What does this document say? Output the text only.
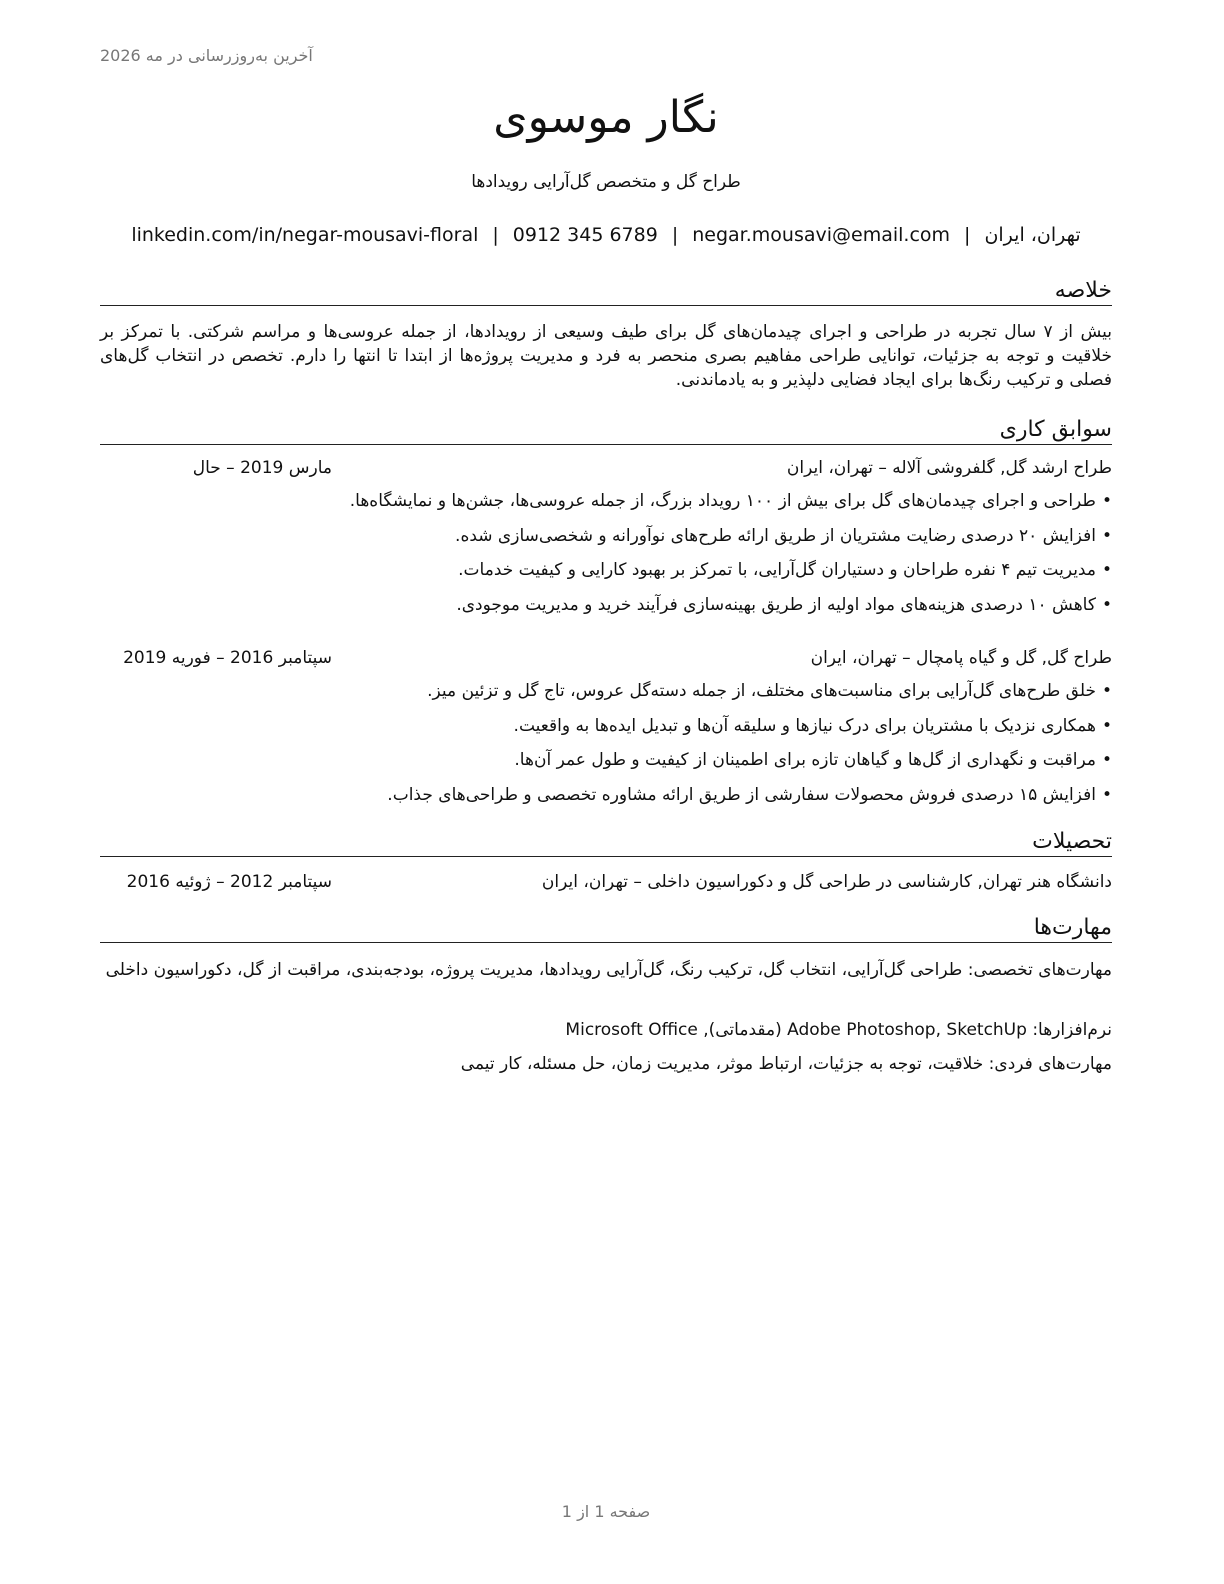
آخرین به‌روزرسانی در مه 2026
نگار موسوی
طراح گل و متخصص گل‌آرایی رویدادها
تهران، ایران|negar.mousavi@email.com|0912 345 6789|linkedin.com/in/negar-mousavi-floral
خلاصه
بیش از ۷ سال تجربه در طراحی و اجرای چیدمان‌های گل برای طیف وسیعی از رویدادها، از جمله عروسی‌ها و مراسم شرکتی. با تمرکز بر خلاقیت و توجه به جزئیات، توانایی طراحی مفاهیم بصری منحصر به فرد و مدیریت پروژه‌ها از ابتدا تا انتها را دارم. تخصص در انتخاب گل‌های فصلی و ترکیب رنگ‌ها برای ایجاد فضایی دلپذیر و به یادماندنی.
سوابق کاری
طراح ارشد گل, گلفروشی آلاله – تهران، ایران
مارس 2019 – حال
•طراحی و اجرای چیدمان‌های گل برای بیش از ۱۰۰ رویداد بزرگ، از جمله عروسی‌ها، جشن‌ها و نمایشگاه‌ها.
•افزایش ۲۰ درصدی رضایت مشتریان از طریق ارائه طرح‌های نوآورانه و شخصی‌سازی شده.
•مدیریت تیم ۴ نفره طراحان و دستیاران گل‌آرایی، با تمرکز بر بهبود کارایی و کیفیت خدمات.
•کاهش ۱۰ درصدی هزینه‌های مواد اولیه از طریق بهینه‌سازی فرآیند خرید و مدیریت موجودی.
طراح گل, گل و گیاه پامچال – تهران، ایران
سپتامبر 2016 – فوریه 2019
•خلق طرح‌های گل‌آرایی برای مناسبت‌های مختلف، از جمله دسته‌گل عروس، تاج گل و تزئین میز.
•همکاری نزدیک با مشتریان برای درک نیازها و سلیقه آن‌ها و تبدیل ایده‌ها به واقعیت.
•مراقبت و نگهداری از گل‌ها و گیاهان تازه برای اطمینان از کیفیت و طول عمر آن‌ها.
•افزایش ۱۵ درصدی فروش محصولات سفارشی از طریق ارائه مشاوره تخصصی و طراحی‌های جذاب.
تحصیلات
دانشگاه هنر تهران, کارشناسی در طراحی گل و دکوراسیون داخلی – تهران، ایران
سپتامبر 2012 – ژوئیه 2016
مهارت‌ها
مهارت‌های تخصصی: طراحی گل‌آرایی، انتخاب گل، ترکیب رنگ، گل‌آرایی رویدادها، مدیریت پروژه، بودجه‌بندی، مراقبت از گل، دکوراسیون داخلی
نرم‌افزارها: Adobe Photoshop, SketchUp (مقدماتی), Microsoft Office
مهارت‌های فردی: خلاقیت، توجه به جزئیات، ارتباط موثر، مدیریت زمان، حل مسئله، کار تیمی
صفحه 1 از 1
